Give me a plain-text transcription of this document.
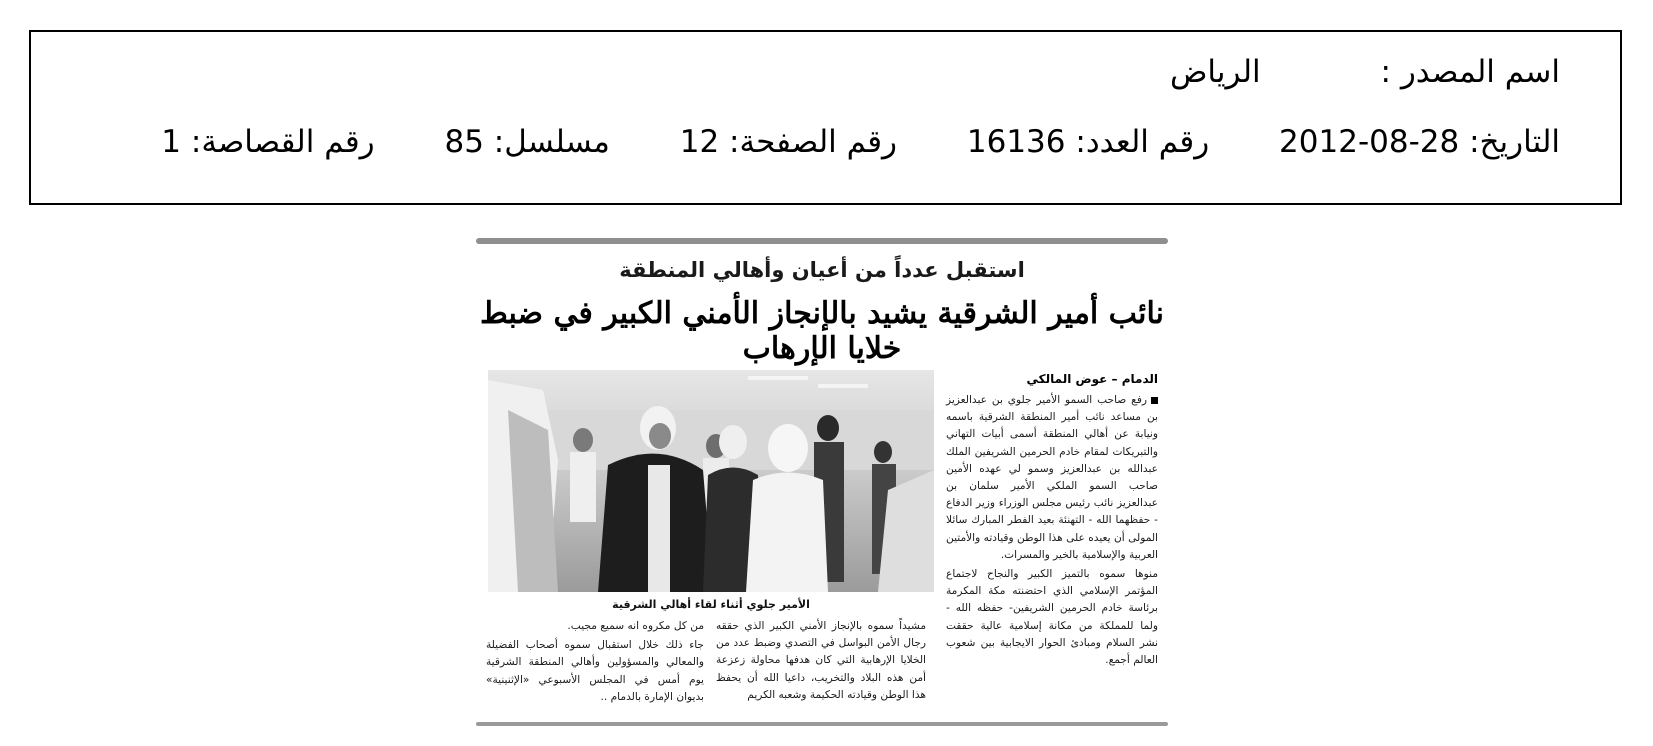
اسم المصدر : الرياض
التاريخ: 28-08-2012 رقم العدد: 16136 رقم الصفحة: 12 مسلسل: 85 رقم القصاصة: 1
استقبل عدداً من أعيان وأهالي المنطقة
نائب أمير الشرقية يشيد بالإنجاز الأمني الكبير في ضبط خلايا الإرهاب
الأمير جلوي أثناء لقاء أهالي الشرقية
الدمام – عوض المالكي

رفع صاحب السمو الأمير جلوي بن عبدالعزيز بن مساعد نائب أمير المنطقة الشرقية باسمه ونيابة عن أهالي المنطقة أسمى أبيات التهاني والتبريكات لمقام خادم الحرمين الشريفين الملك عبدالله بن عبدالعزيز وسمو لي عهده الأمين صاحب السمو الملكي الأمير سلمان بن عبدالعزيز نائب رئيس مجلس الوزراء وزير الدفاع - حفظهما الله - التهنئة بعيد الفطر المبارك سائلا المولى أن يعيده على هذا الوطن وقيادته والأمتين العربية والإسلامية بالخير والمسرات.

منوها سموه بالتميز الكبير والنجاح لاجتماع المؤتمر الإسلامي الذي احتضنته مكة المكرمة برئاسة خادم الحرمين الشريفين- حفظه الله - ولما للمملكة من مكانة إسلامية عالية حققت نشر السلام ومبادئ الحوار الايجابية بين شعوب العالم أجمع.

مشيداً سموه بالإنجاز الأمني الكبير الذي حققه رجال الأمن البواسل في التصدي وضبط عدد من الخلايا الإرهابية التي كان هدفها محاولة زعزعة أمن هذه البلاد والتخريب، داعيا الله أن يحفظ هذا الوطن وقيادته الحكيمة وشعبه الكريم

من كل مكروه انه سميع مجيب.

جاء ذلك خلال استقبال سموه أصحاب الفضيلة والمعالي والمسؤولين وأهالي المنطقة الشرقية يوم أمس في المجلس الأسبوعي «الإثنينية» بديوان الإمارة بالدمام ..
